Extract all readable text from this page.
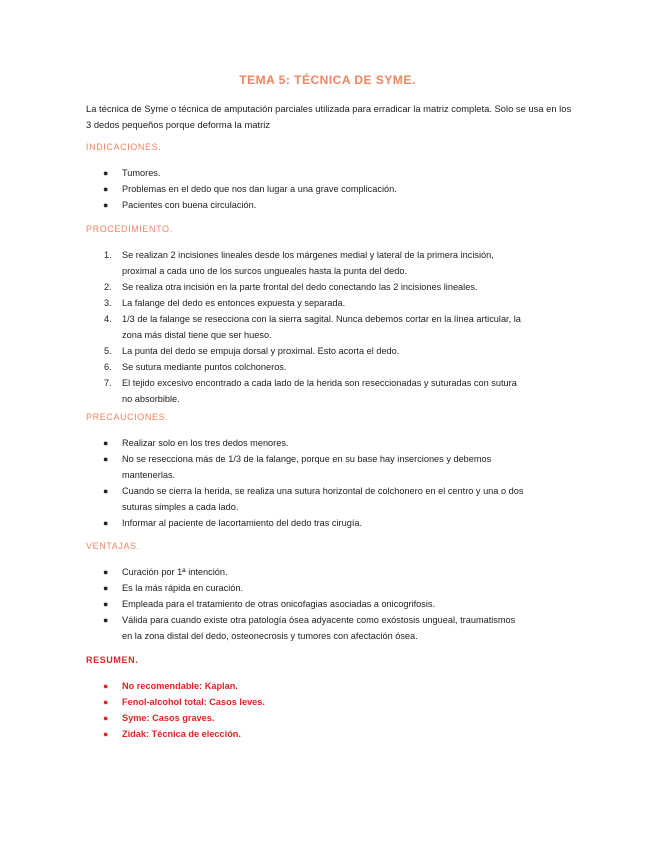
TEMA 5: TÉCNICA DE SYME.
La técnica de Syme o técnica de amputación parciales utilizada para erradicar la matriz completa. Solo se usa en los 3 dedos pequeños porque deforma la matriz
INDICACIONES.
● Tumores.
● Problemas en el dedo que nos dan lugar a una grave complicación.
● Pacientes con buena circulación.
PROCEDIMIENTO.
1. Se realizan 2 incisiones lineales desde los márgenes medial y lateral de la primera incisión, proximal a cada uno de los surcos ungueales hasta la punta del dedo.
2. Se realiza otra incisión en la parte frontal del dedo conectando las 2 incisiones lineales.
3. La falange del dedo es entonces expuesta y separada.
4. 1/3 de la falange se resecciona con la sierra sagital. Nunca debemos cortar en la línea articular, la zona más distal tiene que ser hueso.
5. La punta del dedo se empuja dorsal y proximal. Esto acorta el dedo.
6. Se sutura mediante puntos colchoneros.
7. El tejido excesivo encontrado a cada lado de la herida son reseccionadas y suturadas con sutura no absorbible.
PRECAUCIONES.
● Realizar solo en los tres dedos menores.
● No se resecciona más de 1/3 de la falange, porque en su base hay inserciones y debemos mantenerlas.
● Cuando se cierra la herida, se realiza una sutura horizontal de colchonero en el centro y una o dos suturas simples a cada lado.
● Informar al paciente de lacortamiento del dedo tras cirugía.
VENTAJAS.
● Curación por 1ª intención.
● Es la más rápida en curación.
● Empleada para el tratamiento de otras onicofagias asociadas a onicogrifosis.
● Válida para cuando existe otra patología ósea adyacente como exóstosis ungueal, traumatismos en la zona distal del dedo, osteonecrosis y tumores con afectación ósea.
RESUMEN.
● No recomendable: Kaplan.
● Fenol-alcohol total: Casos leves.
● Syme: Casos graves.
● Zidak: Técnica de elección.
